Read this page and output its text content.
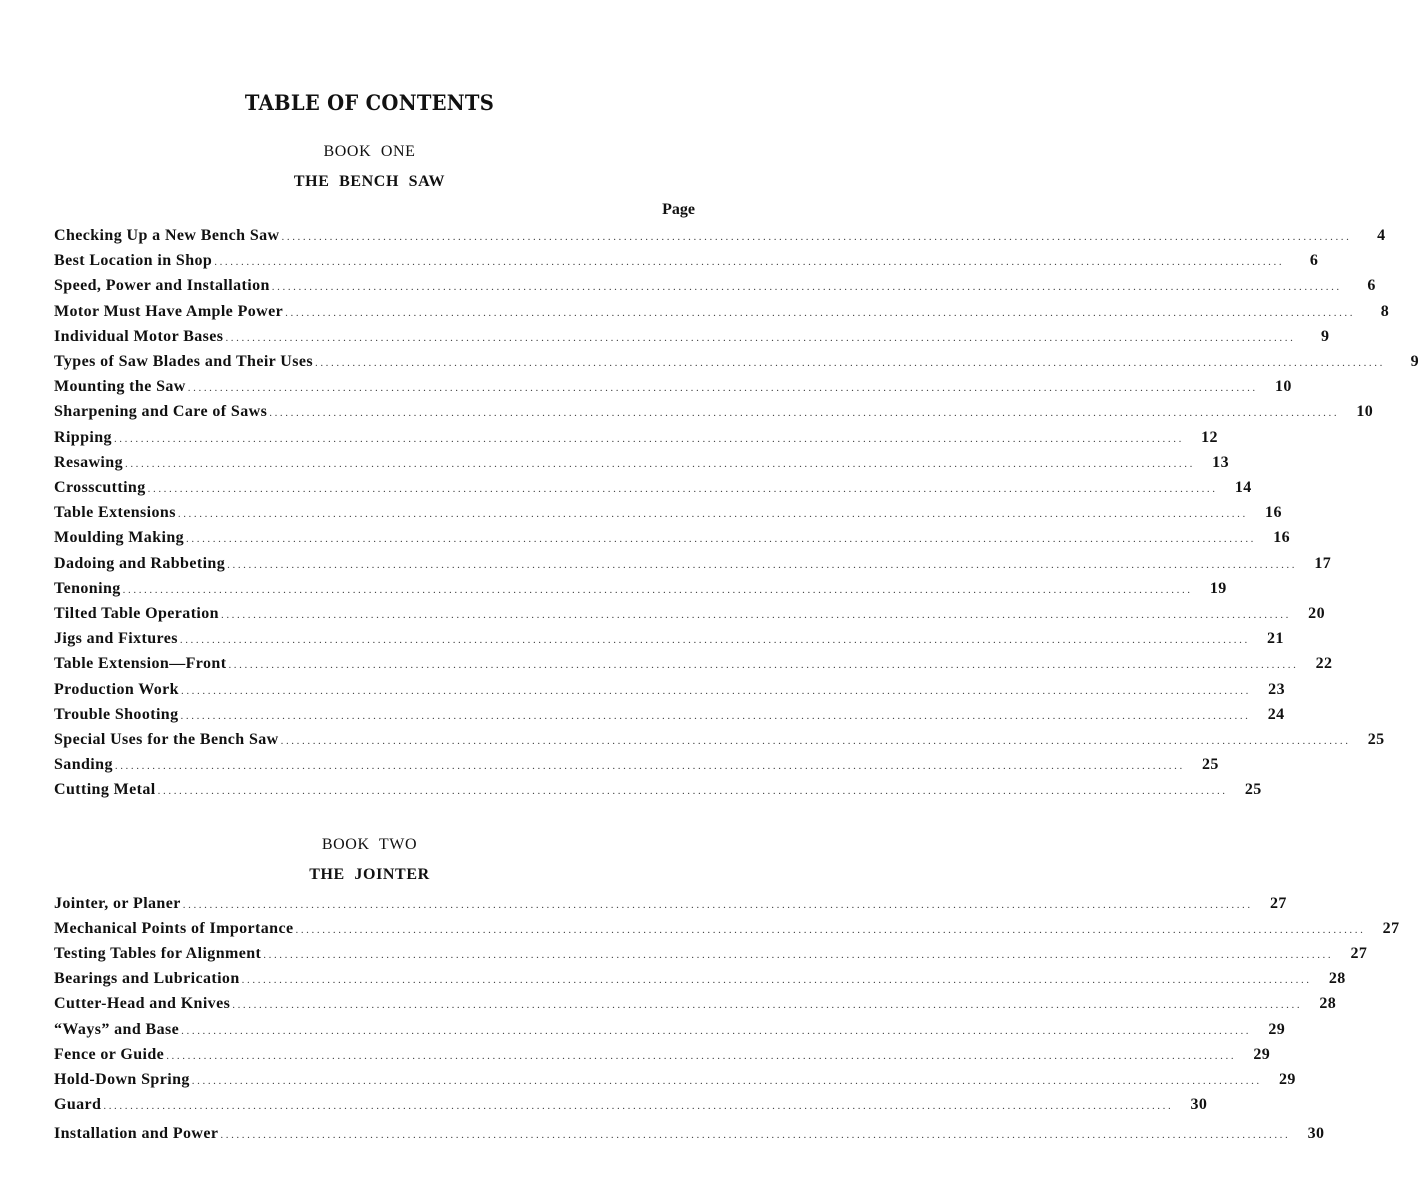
TABLE OF CONTENTS
BOOK ONE
THE BENCH SAW
Page
Checking Up a New Bench Saw ........................................................................................................................................................................................................	4
Best Location in Shop ........................................................................................................................................................................................................	6
Speed, Power and Installation ........................................................................................................................................................................................................	6
Motor Must Have Ample Power ........................................................................................................................................................................................................	8
Individual Motor Bases ........................................................................................................................................................................................................	9
Types of Saw Blades and Their Uses ........................................................................................................................................................................................................	9
Mounting the Saw ........................................................................................................................................................................................................	10
Sharpening and Care of Saws ........................................................................................................................................................................................................	10
Ripping ........................................................................................................................................................................................................	12
Resawing ........................................................................................................................................................................................................	13
Crosscutting ........................................................................................................................................................................................................	14
Table Extensions ........................................................................................................................................................................................................	16
Moulding Making ........................................................................................................................................................................................................	16
Dadoing and Rabbeting ........................................................................................................................................................................................................	17
Tenoning ........................................................................................................................................................................................................	19
Tilted Table Operation ........................................................................................................................................................................................................	20
Jigs and Fixtures ........................................................................................................................................................................................................	21
Table Extension—Front ........................................................................................................................................................................................................	22
Production Work ........................................................................................................................................................................................................	23
Trouble Shooting ........................................................................................................................................................................................................	24
Special Uses for the Bench Saw ........................................................................................................................................................................................................	25
Sanding ........................................................................................................................................................................................................	25
Cutting Metal ........................................................................................................................................................................................................	25
BOOK TWO
THE JOINTER
Jointer, or Planer ........................................................................................................................................................................................................	27
Mechanical Points of Importance ........................................................................................................................................................................................................	27
Testing Tables for Alignment ........................................................................................................................................................................................................	27
Bearings and Lubrication ........................................................................................................................................................................................................	28
Cutter-Head and Knives ........................................................................................................................................................................................................	28
“Ways” and Base ........................................................................................................................................................................................................	29
Fence or Guide ........................................................................................................................................................................................................	29
Hold-Down Spring ........................................................................................................................................................................................................	29
Guard ........................................................................................................................................................................................................	30
Installation and Power ........................................................................................................................................................................................................	30
